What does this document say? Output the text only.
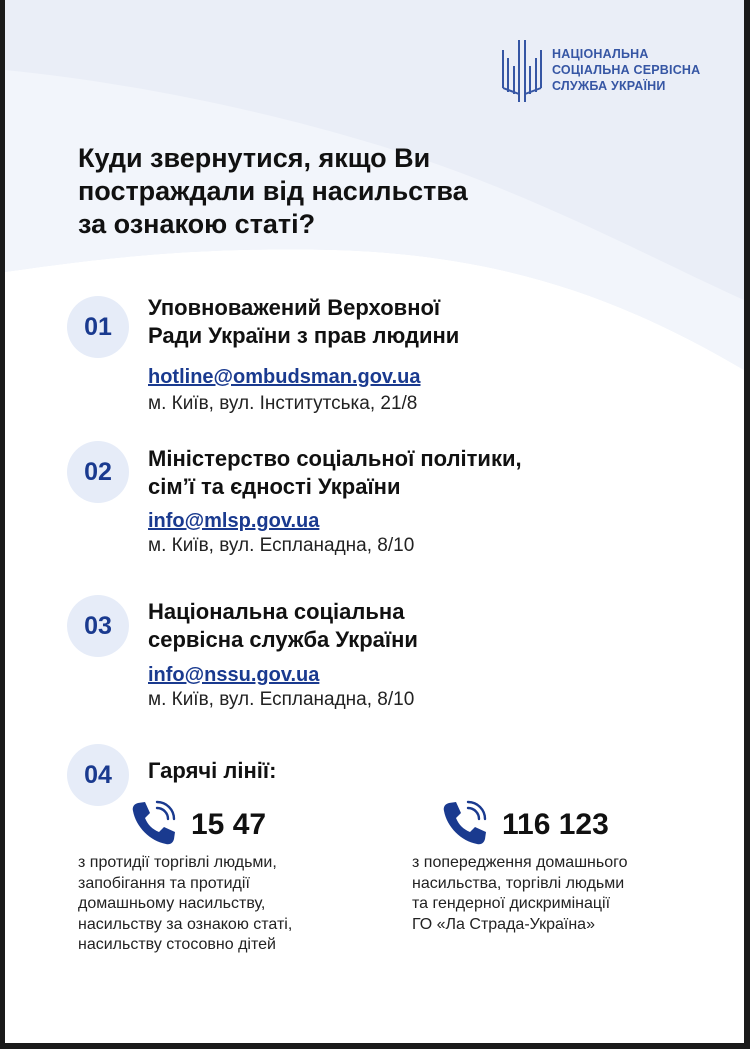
НАЦІОНАЛЬНА
СОЦІАЛЬНА СЕРВІСНА
СЛУЖБА УКРАЇНИ
Куди звернутися, якщо Ви
постраждали від насильства
за ознакою статі?
01
Уповноважений Верховної
Ради України з прав людини
hotline@ombudsman.gov.ua
м. Київ, вул. Інститутська, 21/8
02	Міністерство соціальної політики,
сім’ї та єдності України
info@mlsp.gov.ua
м. Київ, вул. Еспланадна, 8/10
03	Національна соціальна
сервісна служба України
info@nssu.gov.ua
м. Київ, вул. Еспланадна, 8/10
04	Гарячі лінії:
15 47
з протидії торгівлі людьми,
запобігання та протидії
домашньому насильству,
насильству за ознакою статі,
насильству стосовно дітей
116 123
з попередження домашнього
насильства, торгівлі людьми
та гендерної дискримінації
ГО «Ла Страда-Україна»
